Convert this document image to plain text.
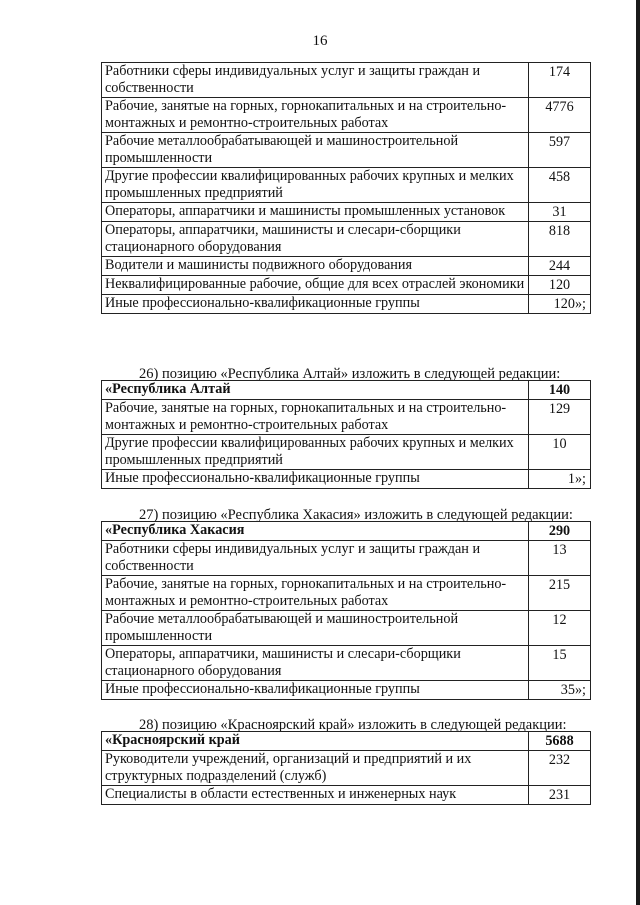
16
Работники сферы индивидуальных услуг и защиты граждан и собственности	174
Рабочие, занятые на горных, горнокапитальных и на строительно-монтажных и ремонтно-строительных работах	4776
Рабочие металлообрабатывающей и машиностроительной промышленности	597
Другие профессии квалифицированных рабочих крупных и мелких промышленных предприятий	458
Операторы, аппаратчики и машинисты промышленных установок	31
Операторы, аппаратчики, машинисты и слесари-сборщики стационарного оборудования	818
Водители и машинисты подвижного оборудования	244
Неквалифицированные рабочие, общие для всех отраслей экономики	120
Иные профессионально-квалификационные группы	120»;
26) позицию «Республика Алтай» изложить в следующей редакции:
«Республика Алтай	140
Рабочие, занятые на горных, горнокапитальных и на строительно-монтажных и ремонтно-строительных работах	129
Другие профессии квалифицированных рабочих крупных и мелких промышленных предприятий	10
Иные профессионально-квалификационные группы	1»;
27) позицию «Республика Хакасия» изложить в следующей редакции:
«Республика Хакасия	290
Работники сферы индивидуальных услуг и защиты граждан и собственности	13
Рабочие, занятые на горных, горнокапитальных и на строительно-монтажных и ремонтно-строительных работах	215
Рабочие металлообрабатывающей и машиностроительной промышленности	12
Операторы, аппаратчики, машинисты и слесари-сборщики стационарного оборудования	15
Иные профессионально-квалификационные группы	35»;
28) позицию «Красноярский край» изложить в следующей редакции:
«Красноярский край	5688
Руководители учреждений, организаций и предприятий и их структурных подразделений (служб)	232
Специалисты в области естественных и инженерных наук	231
